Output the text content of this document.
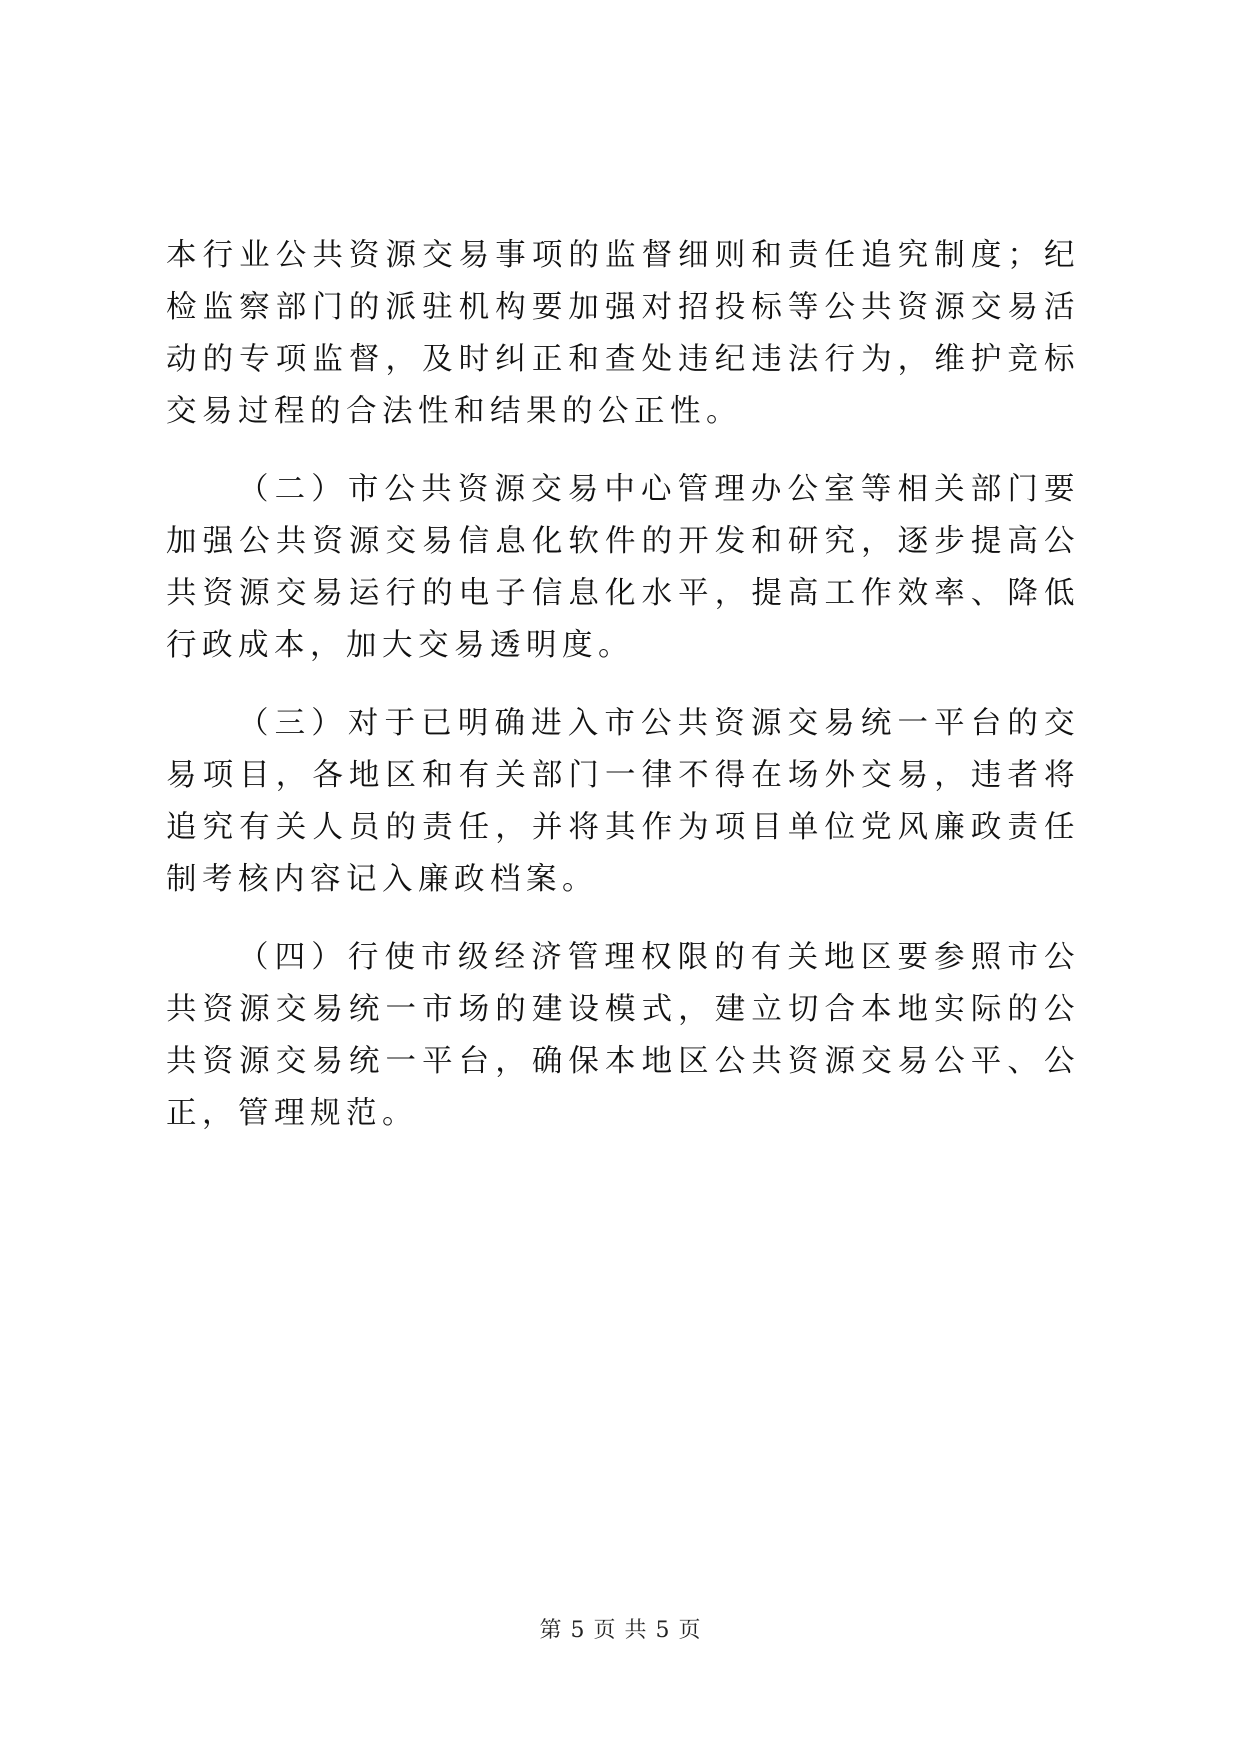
本行业公共资源交易事项的监督细则和责任追究制度；纪检监察部门的派驻机构要加强对招投标等公共资源交易活动的专项监督，及时纠正和查处违纪违法行为，维护竞标交易过程的合法性和结果的公正性。

（二）市公共资源交易中心管理办公室等相关部门要加强公共资源交易信息化软件的开发和研究，逐步提高公共资源交易运行的电子信息化水平，提高工作效率、降低行政成本，加大交易透明度。

（三）对于已明确进入市公共资源交易统一平台的交易项目，各地区和有关部门一律不得在场外交易，违者将追究有关人员的责任，并将其作为项目单位党风廉政责任制考核内容记入廉政档案。

（四）行使市级经济管理权限的有关地区要参照市公共资源交易统一市场的建设模式，建立切合本地实际的公共资源交易统一平台，确保本地区公共资源交易公平、公正，管理规范。

第 5 页 共 5 页
